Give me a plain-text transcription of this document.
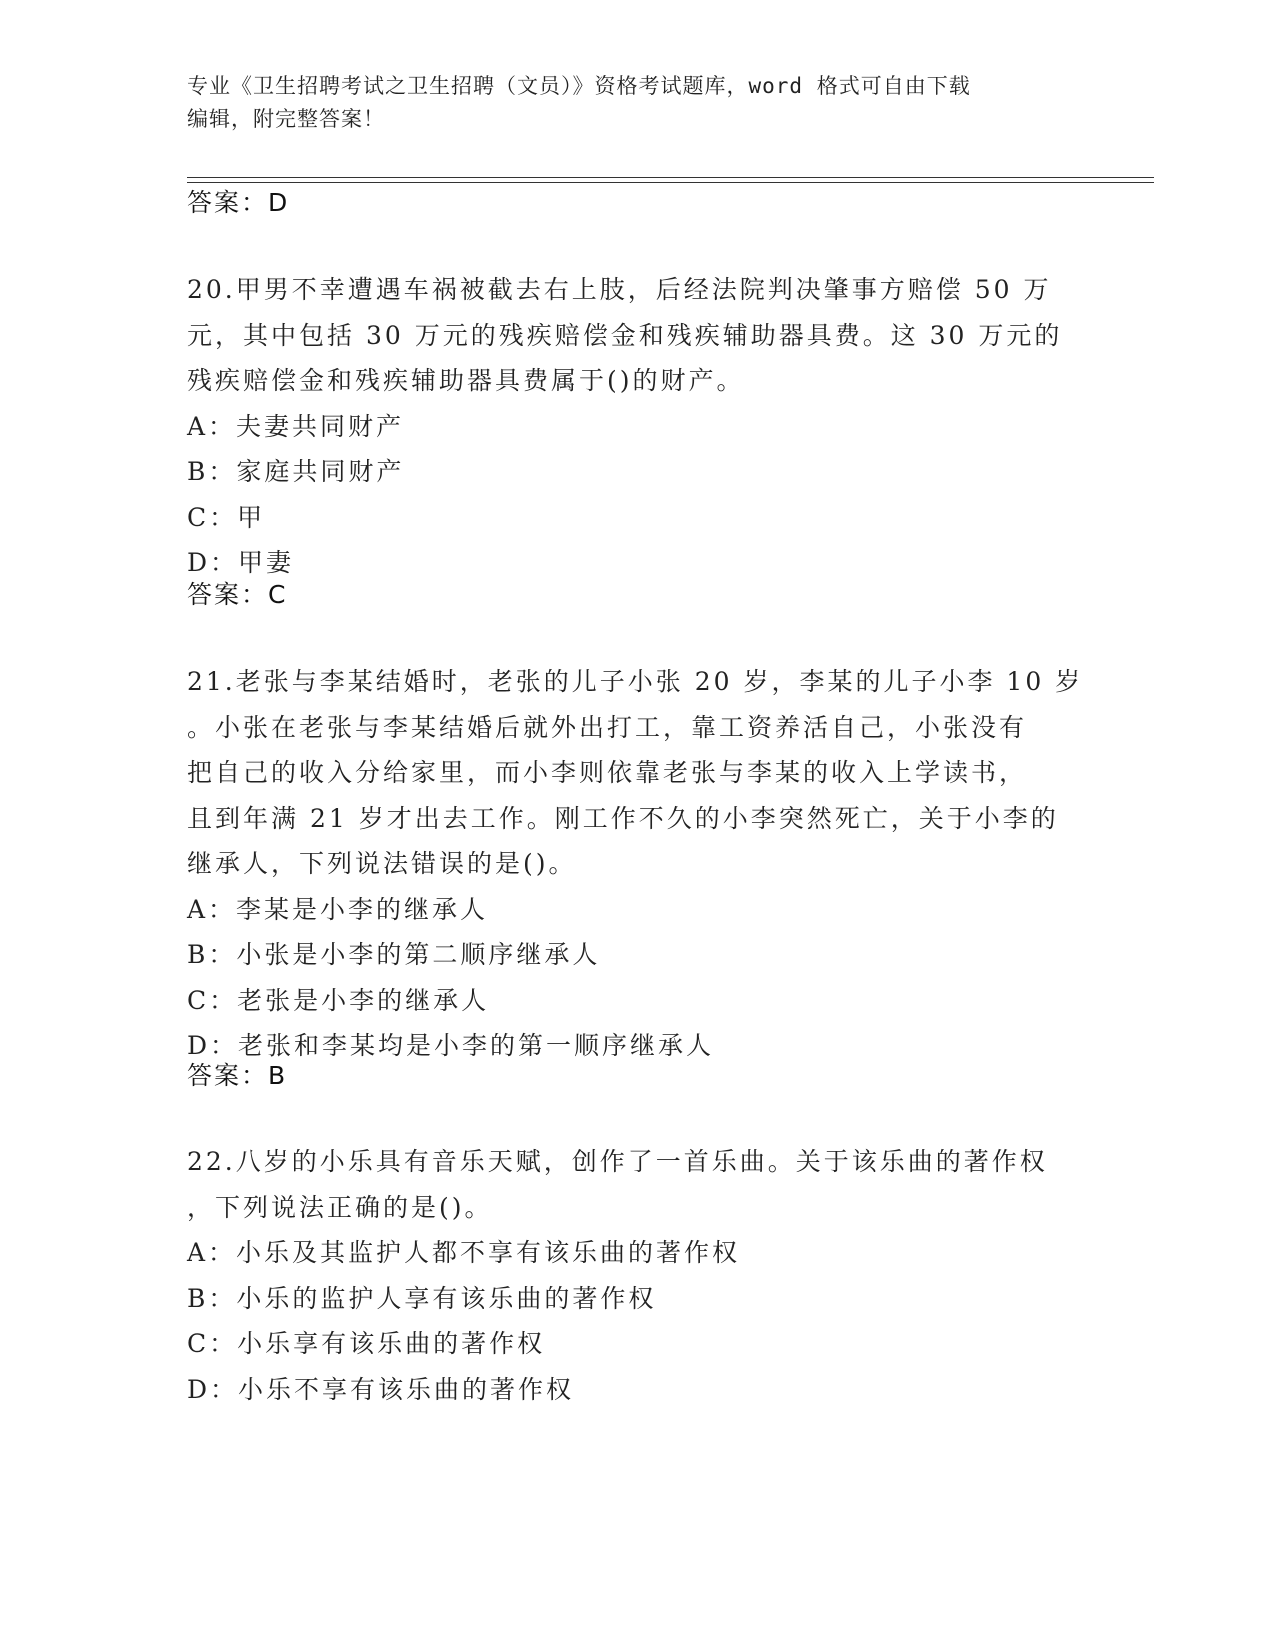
专业《卫生招聘考试之卫生招聘（文员）》资格考试题库，word 格式可自由下载
编辑，附完整答案！
答案：D
20.甲男不幸遭遇车祸被截去右上肢，后经法院判决肇事方赔偿 50 万
元，其中包括 30 万元的残疾赔偿金和残疾辅助器具费。这 30 万元的
残疾赔偿金和残疾辅助器具费属于()的财产。
A：夫妻共同财产
B：家庭共同财产
C：甲
D：甲妻
答案：C
21.老张与李某结婚时，老张的儿子小张 20 岁，李某的儿子小李 10 岁
。小张在老张与李某结婚后就外出打工，靠工资养活自己，小张没有
把自己的收入分给家里，而小李则依靠老张与李某的收入上学读书，
且到年满 21 岁才出去工作。刚工作不久的小李突然死亡，关于小李的
继承人，下列说法错误的是()。
A：李某是小李的继承人
B：小张是小李的第二顺序继承人
C：老张是小李的继承人
D：老张和李某均是小李的第一顺序继承人
答案：B
22.八岁的小乐具有音乐天赋，创作了一首乐曲。关于该乐曲的著作权
，下列说法正确的是()。
A：小乐及其监护人都不享有该乐曲的著作权
B：小乐的监护人享有该乐曲的著作权
C：小乐享有该乐曲的著作权
D：小乐不享有该乐曲的著作权
